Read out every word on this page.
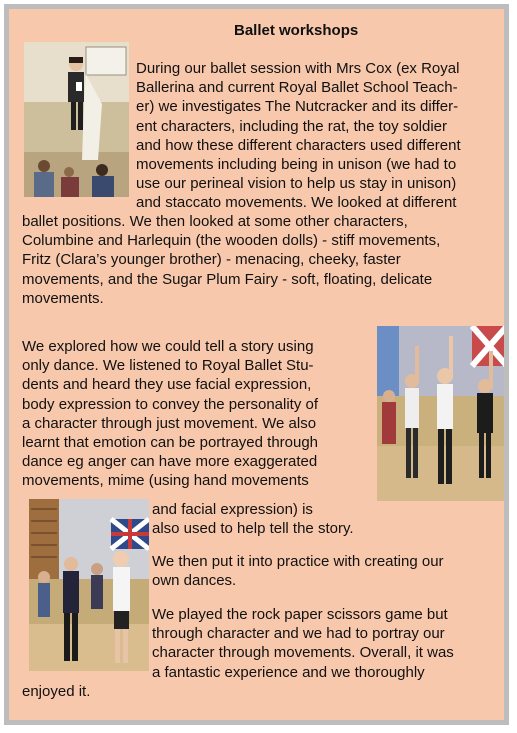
Ballet workshops

During our ballet session with Mrs Cox (ex Royal
Ballerina and current Royal Ballet School Teach-
er) we investigates The Nutcracker and its differ-
ent characters, including the rat, the toy soldier
and how these different characters used different
movements including being in unison (we had to
use our perineal vision to help us stay in unison)
and staccato movements. We looked at different

ballet positions. We then looked at some other characters,
Columbine and Harlequin (the wooden dolls) - stiff movements,
Fritz (Clara’s younger brother) - menacing, cheeky, faster
movements, and the Sugar Plum Fairy - soft, floating, delicate
movements.

We explored how we could tell a story using
only dance. We listened to Royal Ballet Stu-
dents and heard they use facial expression,
body expression to convey the personality of
a character through just movement. We also
learnt that emotion can be portrayed through
dance eg anger can have more exaggerated
movements, mime (using hand movements

and facial expression) is
also used to help tell the story.

We then put it into practice with creating our
own dances.

We played the rock paper scissors game but
through character and we had to portray our
character through movements. Overall, it was
a fantastic experience and we thoroughly

enjoyed it.
